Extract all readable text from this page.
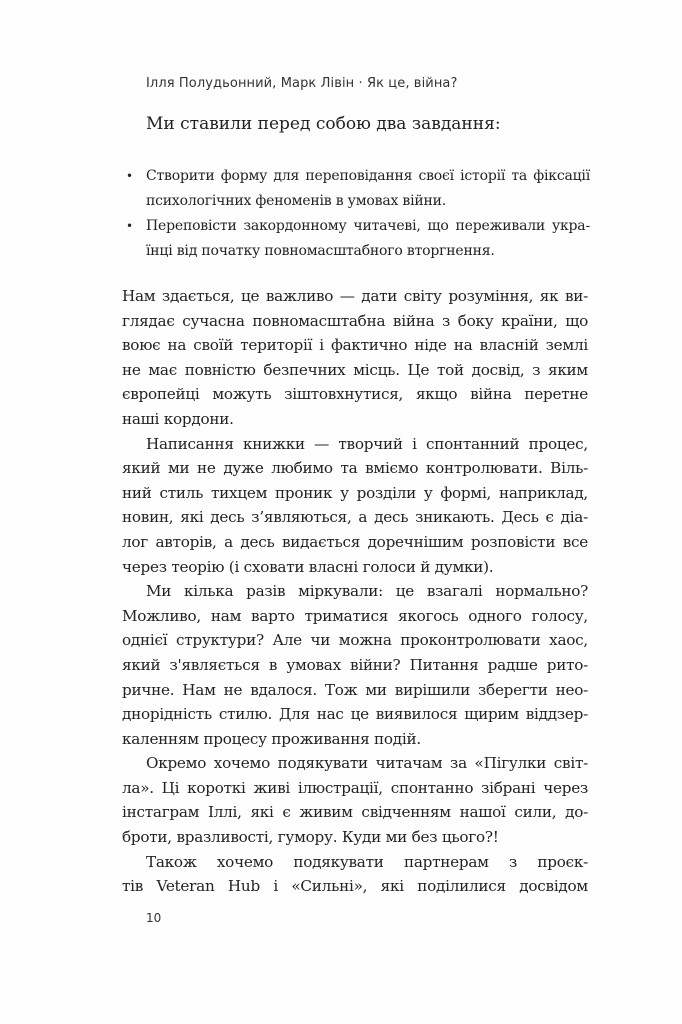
Ілля Полудьонний, Марк Лівін · Як це, війна?
Ми ставили перед собою два завдання:
• Створити форму для переповідання своєї історії та фіксації
психологічних феноменів в умовах війни.
• Переповісти закордонному читачеві, що переживали укра-
їнці від початку повномасштабного вторгнення.

Нам здається, це важливо — дати світу розуміння, як ви-
глядає сучасна повномасштабна війна з боку країни, що
воює на своїй території і фактично ніде на власній землі
не має повністю безпечних місць. Це той досвід, з яким
європейці можуть зіштовхнутися, якщо війна перетне
наші кордони.

Написання книжки — творчий і спонтанний процес,
який ми не дуже любимо та вміємо контролювати. Віль-
ний стиль тихцем проник у розділи у формі, наприклад,
новин, які десь з’являються, а десь зникають. Десь є діа-
лог авторів, а десь видається доречнішим розповісти все
через теорію (і сховати власні голоси й думки).

Ми кілька разів міркували: це взагалі нормально?
Можливо, нам варто триматися якогось одного голосу,
однієї структури? Але чи можна проконтролювати хаос,
який з'являється в умовах війни? Питання радше рито-
ричне. Нам не вдалося. Тож ми вирішили зберегти нео-
днорідність стилю. Для нас це виявилося щирим віддзер-
каленням процесу проживання подій.

Окремо хочемо подякувати читачам за «Пігулки світ-
ла». Ці короткі живі ілюстрації, спонтанно зібрані через
інстаграм Іллі, які є живим свідченням нашої сили, до-
броти, вразливості, гумору. Куди ми без цього?!

Також хочемо подякувати партнерам з проєк-
тів Veteran Hub і «Сильні», які поділилися досвідом

10
